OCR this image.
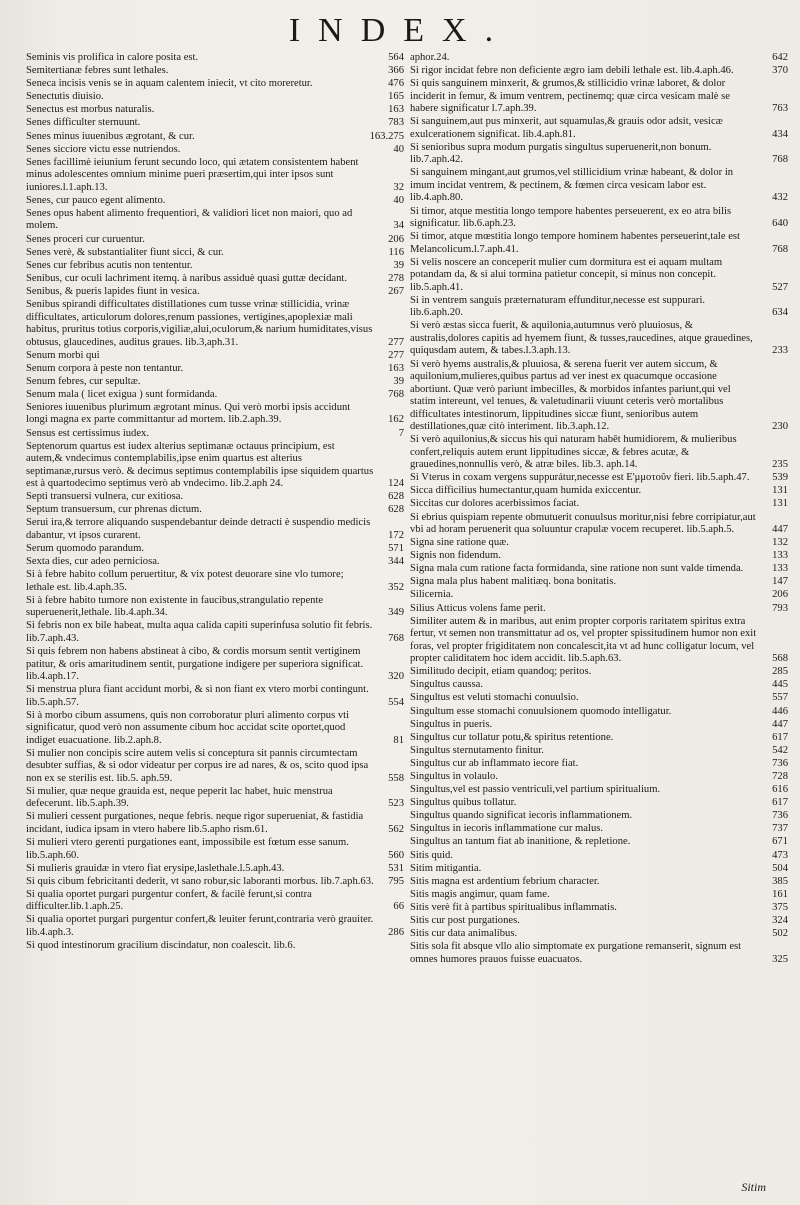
INDEX.
Seminis vis prolifica in calore posita est.	564
Semitertianæ febres sunt lethales.	366
Seneca incisis venis se in aquam calentem iniecit, vt cito moreretur.	476
Senectutis diuisio.	165
Senectus est morbus naturalis.	163
Senes difficulter sternuunt.	783
Senes minus iuuenibus ægrotant, & cur.	163.275
Senes sicciore victu esse nutriendos.	40
Senes facillimè ieiunium ferunt secundo loco, qui ætatem consistentem habent minus adolescentes omnium minime pueri præsertim,qui inter ipsos sunt iuniores.l.1.aph.13.	32
Senes, cur pauco egent alimento.	40
Senes opus habent alimento frequentiori, & validiori licet non maiori, quo ad molem.	34
Senes proceri cur curuentur.	206
Senes verè, & substantialiter fiunt sicci, & cur.	116
Senes cur febribus acutis non tententur.	39
Senibus, cur oculi lachriment itemq. à naribus assiduè quasi guttæ decidant.	278
Senibus, & pueris lapides fiunt in vesica.	267
Senibus spirandi difficultates distillationes cum tusse vrinæ stillicidia, vrinæ difficultates, articulorum dolores,renum passiones, vertigines,apoplexiæ mali habitus, pruritus totius corporis,vigiliæ,alui,oculorum,& narium humiditates,visus obtusus, glaucedines, auditus graues. lib.3,aph.31.	277
Senum morbi qui	277
Senum corpora à peste non tentantur.	163
Senum febres, cur sepultæ.	39
Senum mala ( licet exigua ) sunt formidanda.	768
Seniores iuuenibus plurimum ægrotant minus. Qui verò morbi ipsis accidunt longi magna ex parte committantur ad mortem. lib.2.aph.39.	162
Sensus est certissimus iudex.	7
Septenorum quartus est iudex alterius septimanæ octauus principium, est autem,& vndecimus contemplabilis,ipse enim quartus est alterius septimanæ,rursus verò. & decimus septimus contemplabilis ipse siquidem quartus est à quartodecimo septimus verò ab vndecimo. lib.2.aph 24.	124
Septi transuersi vulnera, cur exitiosa.	628
Septum transuersum, cur phrenas dictum.	628
Serui ira,& terrore aliquando suspendebantur deinde detracti è suspendio medicis dabantur, vt ipsos curarent.	172
Serum quomodo parandum.	571
Sexta dies, cur adeo perniciosa.	344
Si à febre habito collum peruertitur, & vix potest deuorare sine vlo tumore; lethale est. lib.4.aph.35.	352
Si à febre habito tumore non existente in faucibus,strangulatio repente superuenerit,lethale. lib.4.aph.34.	349
Si febris non ex bile habeat, multa aqua calida capiti superinfusa solutio fit febris. lib.7.aph.43.	768
Si quis febrem non habens abstineat à cibo, & cordis morsum sentit vertiginem patitur, & oris amaritudinem sentit, purgatione indigere per superiora significat. lib.4.aph.17.	320
Si menstrua plura fiant accidunt morbi, & si non fiant ex vtero morbi contingunt. lib.5.aph.57.	554
Si à morbo cibum assumens, quis non corroboratur pluri alimento corpus vti significatur, quod verò non assumente cibum hoc accidat scite oportet,quod indiget euacuatione. lib.2.aph.8.	81
Si mulier non concipis scire autem velis si conceptura sit pannis circumtectam desubter suffias, & si odor videatur per corpus ire ad nares, & os, scito quod ipsa non ex se sterilis est. lib.5. aph.59.	558
Si mulier, quæ neque grauida est, neque peperit lac habet, huic menstrua defecerunt. lib.5.aph.39.	523
Si mulieri cessent purgationes, neque febris. neque rigor superueniat, & fastidia incidant, iudica ipsam in vtero habere lib.5.apho rism.61.	562
Si mulieri vtero gerenti purgationes eant, impossibile est fœtum esse sanum. lib.5.aph.60.	560
Si mulieris grauidæ in vtero fiat erysipe,laslethale.l.5.aph.43.	531
Si quis cibum febricitanti dederit, vt sano robur,sic laboranti morbus. lib.7.aph.63.	795
Si qualia oportet purgari purgentur confert, & facilè ferunt,si contra difficulter.lib.1.aph.25.	66
Si qualia oportet purgari purgentur confert,& leuiter ferunt,contraria verò grauiter. lib.4.aph.3.	286
Si quod intestinorum gracilium discindatur, non coalescit. lib.6.
aphor.24.	642
Si rigor incidat febre non deficiente ægro iam debili lethale est. lib.4.aph.46.	370
Si quis sanguinem minxerit, & grumos,& stillicidio vrinæ laboret, & dolor inciderit in femur, & imum ventrem, pectinemq; quæ circa vesicam malè se habere significatur l.7.aph.39.	763
Si sanguinem,aut pus minxerit, aut squamulas,& grauis odor adsit, vesicæ exulcerationem significat. lib.4.aph.81.	434
Si senioribus supra modum purgatis singultus superuenerit,non bonum. lib.7.aph.42.	768
Si sanguinem mingant,aut grumos,vel stillicidium vrinæ habeant, & dolor in imum incidat ventrem, & pectinem, & fœmen circa vesicam labor est. lib.4.aph.80.	432
Si timor, atque mestitia longo tempore habentes perseuerent, ex eo atra bilis significatur. lib.6.aph.23.	640
Si timor, atque mœstitia longo tempore hominem habentes perseuerint,tale est Melancolicum.l.7.aph.41.	768
Si velis noscere an conceperit mulier cum dormitura est ei aquam multam potandam da, & si alui tormina patietur concepit, si minus non concepit. lib.5.aph.41.	527
Si in ventrem sanguis præternaturam effunditur,necesse est suppurari. lib.6.aph.20.	634
Si verò æstas sicca fuerit, & aquilonia,autumnus verò pluuiosus, & australis,dolores capitis ad hyemem fiunt, & tusses,raucedines, atque grauedines, quiqusdam autem, & tabes.l.3.aph.13.	233
Si verò hyems australis,& pluuiosa, & serena fuerit ver autem siccum, & aquilonium,mulieres,quibus partus ad ver inest ex quacumque occasione abortiunt. Quæ verò pariunt imbecilles, & morbidos infantes pariunt,qui vel statim intereunt, vel tenues, & valetudinarii viuunt ceteris verò mortalibus difficultates intestinorum, lippitudines siccæ fiunt, senioribus autem destillationes,quæ citò interiment. lib.3.aph.12.	230
Si verò aquilonius,& siccus his qui naturam habēt humidiorem, & mulieribus confert,reliquis autem erunt lippitudines siccæ, & febres acutæ, & grauedines,nonnullis verò, & atræ biles. lib.3. aph.14.	235
Si Vterus in coxam vergens suppurátur,necesse est E'μμοτοῦν fieri. lib.5.aph.47.	539
Sicca difficilius humectantur,quam humida exiccentur.	131
Siccitas cur dolores acerbissimos faciat.	131
Si ebrius quispiam repente obmutuerit conuulsus moritur,nisi febre corripiatur,aut vbi ad horam peruenerit qua soluuntur crapulæ vocem recuperet. lib.5.aph.5.	447
Signa sine ratione quæ.	132
Signis non fidendum.	133
Signa mala cum ratione facta formidanda, sine ratione non sunt valde timenda.	133
Signa mala plus habent malitiæq. bona bonitatis.	147
Silicernia.	206
Silius Atticus volens fame perit.	793
Similiter autem & in maribus, aut enim propter corporis raritatem spiritus extra fertur, vt semen non transmittatur ad os, vel propter spissitudinem humor non exit foras, vel propter frigiditatem non concalescit,ita vt ad hunc colligatur locum, vel propter caliditatem hoc idem accidit. lib.5.aph.63.	568
Similitudo decipit, etiam quandoq; peritos.	285
Singultus caussa.	445
Singultus est veluti stomachi conuulsio.	557
Singultum esse stomachi conuulsionem quomodo intelligatur.	446
Singultus in pueris.	447
Singultus cur tollatur potu,& spiritus retentione.	617
Singultus sternutamento finitur.	542
Singultus cur ab inflammato iecore fiat.	736
Singultus in volaulo.	728
Singultus,vel est passio ventriculi,vel partium spiritualium.	616
Singultus quibus tollatur.	617
Singultus quando significat iecoris inflammationem.	736
Singultus in iecoris inflammatione cur malus.	737
Singultus an tantum fiat ab inanitione, & repletione.	671
Sitis quid.	473
Sitim mitigantia.	504
Sitis magna est ardentium febrium character.	385
Sitis magis angimur, quam fame.	161
Sitis verè fit à partibus spiritualibus inflammatis.	375
Sitis cur post purgationes.	324
Sitis cur data animalibus.	502
Sitis sola fit absque vllo alio simptomate ex purgatione remanserit, signum est omnes humores prauos fuisse euacuatos.	325
Sitim
